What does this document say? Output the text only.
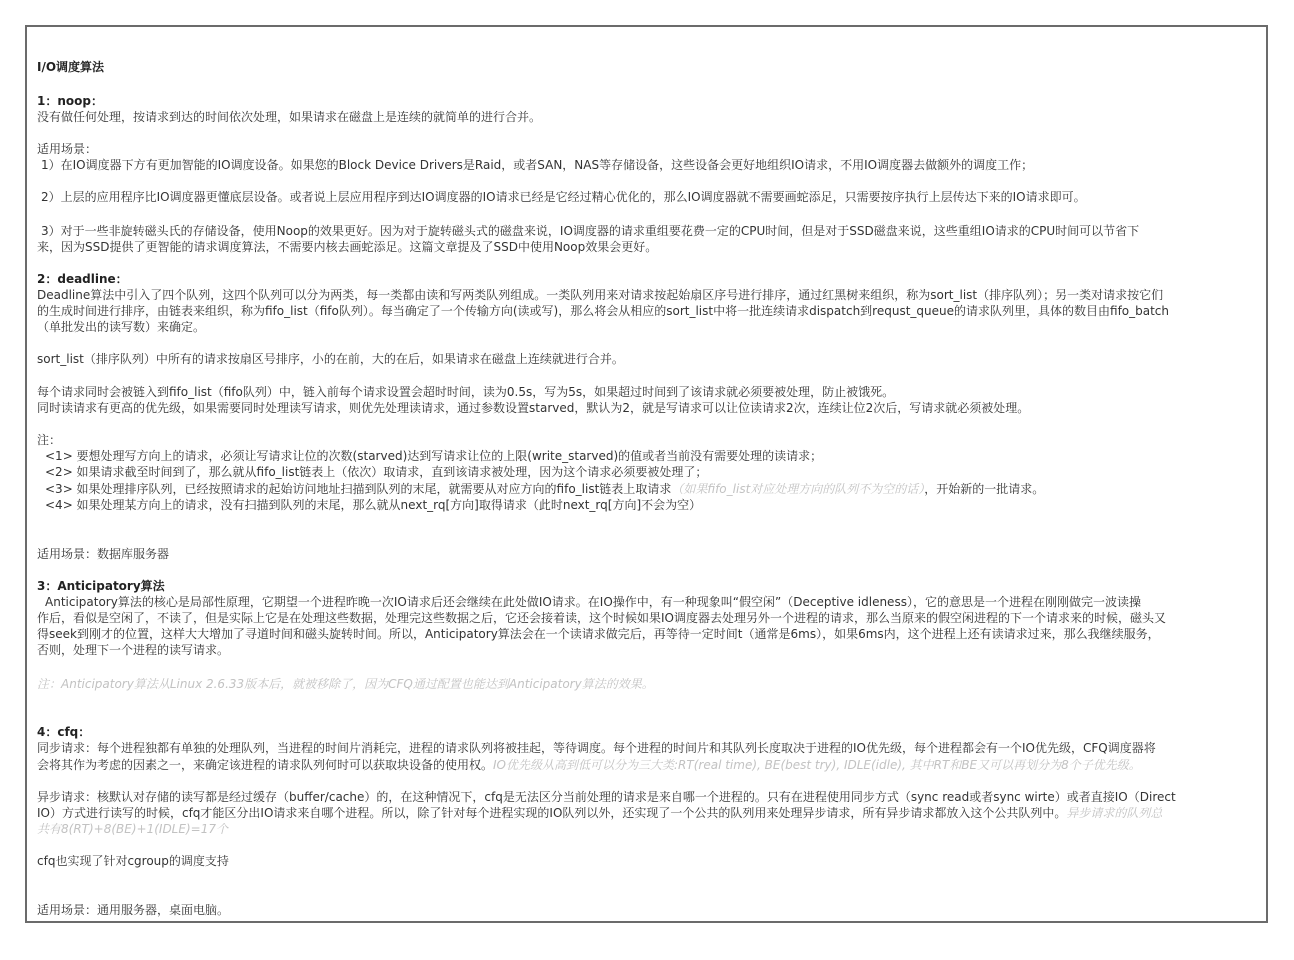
I/O调度算法
1：noop：
没有做任何处理，按请求到达的时间依次处理，如果请求在磁盘上是连续的就简单的进行合并。
适用场景：
1）在IO调度器下方有更加智能的IO调度设备。如果您的Block Device Drivers是Raid，或者SAN，NAS等存储设备，这些设备会更好地组织IO请求，不用IO调度器去做额外的调度工作；
2）上层的应用程序比IO调度器更懂底层设备。或者说上层应用程序到达IO调度器的IO请求已经是它经过精心优化的，那么IO调度器就不需要画蛇添足，只需要按序执行上层传达下来的IO请求即可。
3）对于一些非旋转磁头氏的存储设备，使用Noop的效果更好。因为对于旋转磁头式的磁盘来说，IO调度器的请求重组要花费一定的CPU时间，但是对于SSD磁盘来说，这些重组IO请求的CPU时间可以节省下
来，因为SSD提供了更智能的请求调度算法，不需要内核去画蛇添足。这篇文章提及了SSD中使用Noop效果会更好。
2：deadline：
Deadline算法中引入了四个队列，这四个队列可以分为两类，每一类都由读和写两类队列组成。一类队列用来对请求按起始扇区序号进行排序，通过红黑树来组织，称为sort_list（排序队列）；另一类对请求按它们
的生成时间进行排序，由链表来组织，称为fifo_list（fifo队列）。每当确定了一个传输方向(读或写)，那么将会从相应的sort_list中将一批连续请求dispatch到requst_queue的请求队列里，具体的数目由fifo_batch
（单批发出的读写数）来确定。
sort_list（排序队列）中所有的请求按扇区号排序，小的在前，大的在后，如果请求在磁盘上连续就进行合并。
每个请求同时会被链入到fifo_list（fifo队列）中，链入前每个请求设置会超时时间，读为0.5s，写为5s，如果超过时间到了该请求就必须要被处理，防止被饿死。
同时读请求有更高的优先级，如果需要同时处理读写请求，则优先处理读请求，通过参数设置starved，默认为2，就是写请求可以让位读请求2次，连续让位2次后，写请求就必须被处理。
注：
<1> 要想处理写方向上的请求，必须让写请求让位的次数(starved)达到写请求让位的上限(write_starved)的值或者当前没有需要处理的读请求；
<2> 如果请求截至时间到了，那么就从fifo_list链表上（依次）取请求，直到该请求被处理，因为这个请求必须要被处理了；
<3> 如果处理排序队列，已经按照请求的起始访问地址扫描到队列的末尾，就需要从对应方向的fifo_list链表上取请求（如果fifo_list对应处理方向的队列不为空的话），开始新的一批请求。
<4> 如果处理某方向上的请求，没有扫描到队列的末尾，那么就从next_rq[方向]取得请求（此时next_rq[方向]不会为空）
适用场景：数据库服务器
3：Anticipatory算法
Anticipatory算法的核心是局部性原理，它期望一个进程昨晚一次IO请求后还会继续在此处做IO请求。在IO操作中，有一种现象叫“假空闲”（Deceptive idleness），它的意思是一个进程在刚刚做完一波读操
作后，看似是空闲了，不读了，但是实际上它是在处理这些数据，处理完这些数据之后，它还会接着读，这个时候如果IO调度器去处理另外一个进程的请求，那么当原来的假空闲进程的下一个请求来的时候，磁头又
得seek到刚才的位置，这样大大增加了寻道时间和磁头旋转时间。所以，Anticipatory算法会在一个读请求做完后，再等待一定时间t（通常是6ms），如果6ms内，这个进程上还有读请求过来，那么我继续服务，
否则，处理下一个进程的读写请求。
注：Anticipatory算法从Linux 2.6.33版本后，就被移除了，因为CFQ通过配置也能达到Anticipatory算法的效果。
4：cfq：
同步请求：每个进程独都有单独的处理队列，当进程的时间片消耗完，进程的请求队列将被挂起，等待调度。每个进程的时间片和其队列长度取决于进程的IO优先级，每个进程都会有一个IO优先级，CFQ调度器将
会将其作为考虑的因素之一，来确定该进程的请求队列何时可以获取块设备的使用权。IO优先级从高到低可以分为三大类:RT(real time), BE(best try), IDLE(idle), 其中RT和BE又可以再划分为8个子优先级。
异步请求：核默认对存储的读写都是经过缓存（buffer/cache）的，在这种情况下，cfq是无法区分当前处理的请求是来自哪一个进程的。只有在进程使用同步方式（sync read或者sync wirte）或者直接IO（Direct
IO）方式进行读写的时候，cfq才能区分出IO请求来自哪个进程。所以，除了针对每个进程实现的IO队列以外，还实现了一个公共的队列用来处理异步请求，所有异步请求都放入这个公共队列中。异步请求的队列总
共有8(RT)+8(BE)+1(IDLE)=17个
cfq也实现了针对cgroup的调度支持
适用场景：通用服务器，桌面电脑。
